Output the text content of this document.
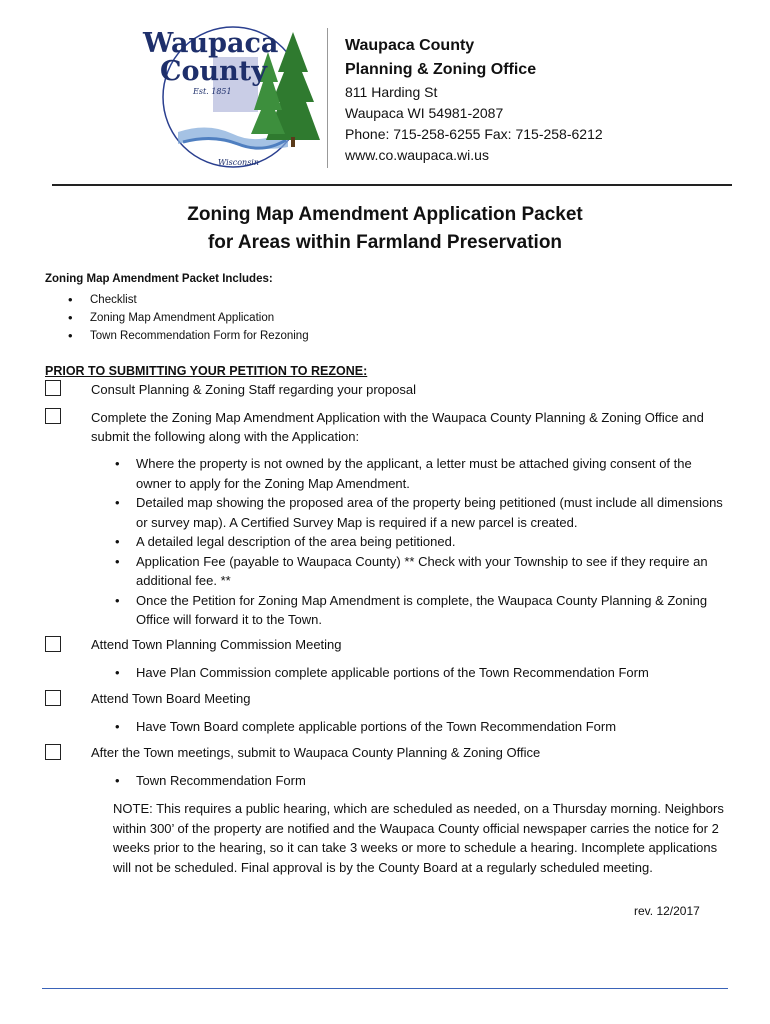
Waupaca
County
Est. 1851
Wisconsin
Waupaca County
Planning & Zoning Office
811 Harding St
Waupaca WI 54981-2087
Phone: 715-258-6255 Fax: 715-258-6212
www.co.waupaca.wi.us
Zoning Map Amendment Application Packet
for Areas within Farmland Preservation
Zoning Map Amendment Packet Includes:
• Checklist
• Zoning Map Amendment Application
• Town Recommendation Form for Rezoning
PRIOR TO SUBMITTING YOUR PETITION TO REZONE:
Consult Planning & Zoning Staff regarding your proposal
Complete the Zoning Map Amendment Application with the Waupaca County Planning & Zoning Office and submit the following along with the Application:
• Where the property is not owned by the applicant, a letter must be attached giving consent of the owner to apply for the Zoning Map Amendment.
• Detailed map showing the proposed area of the property being petitioned (must include all dimensions or survey map). A Certified Survey Map is required if a new parcel is created.
• A detailed legal description of the area being petitioned.
• Application Fee (payable to Waupaca County) ** Check with your Township to see if they require an additional fee. **
• Once the Petition for Zoning Map Amendment is complete, the Waupaca County Planning & Zoning Office will forward it to the Town.
Attend Town Planning Commission Meeting
• Have Plan Commission complete applicable portions of the Town Recommendation Form
Attend Town Board Meeting
• Have Town Board complete applicable portions of the Town Recommendation Form
After the Town meetings, submit to Waupaca County Planning & Zoning Office
• Town Recommendation Form
NOTE: This requires a public hearing, which are scheduled as needed, on a Thursday morning. Neighbors within 300’ of the property are notified and the Waupaca County official newspaper carries the notice for 2 weeks prior to the hearing, so it can take 3 weeks or more to schedule a hearing. Incomplete applications will not be scheduled. Final approval is by the County Board at a regularly scheduled meeting.
rev. 12/2017
